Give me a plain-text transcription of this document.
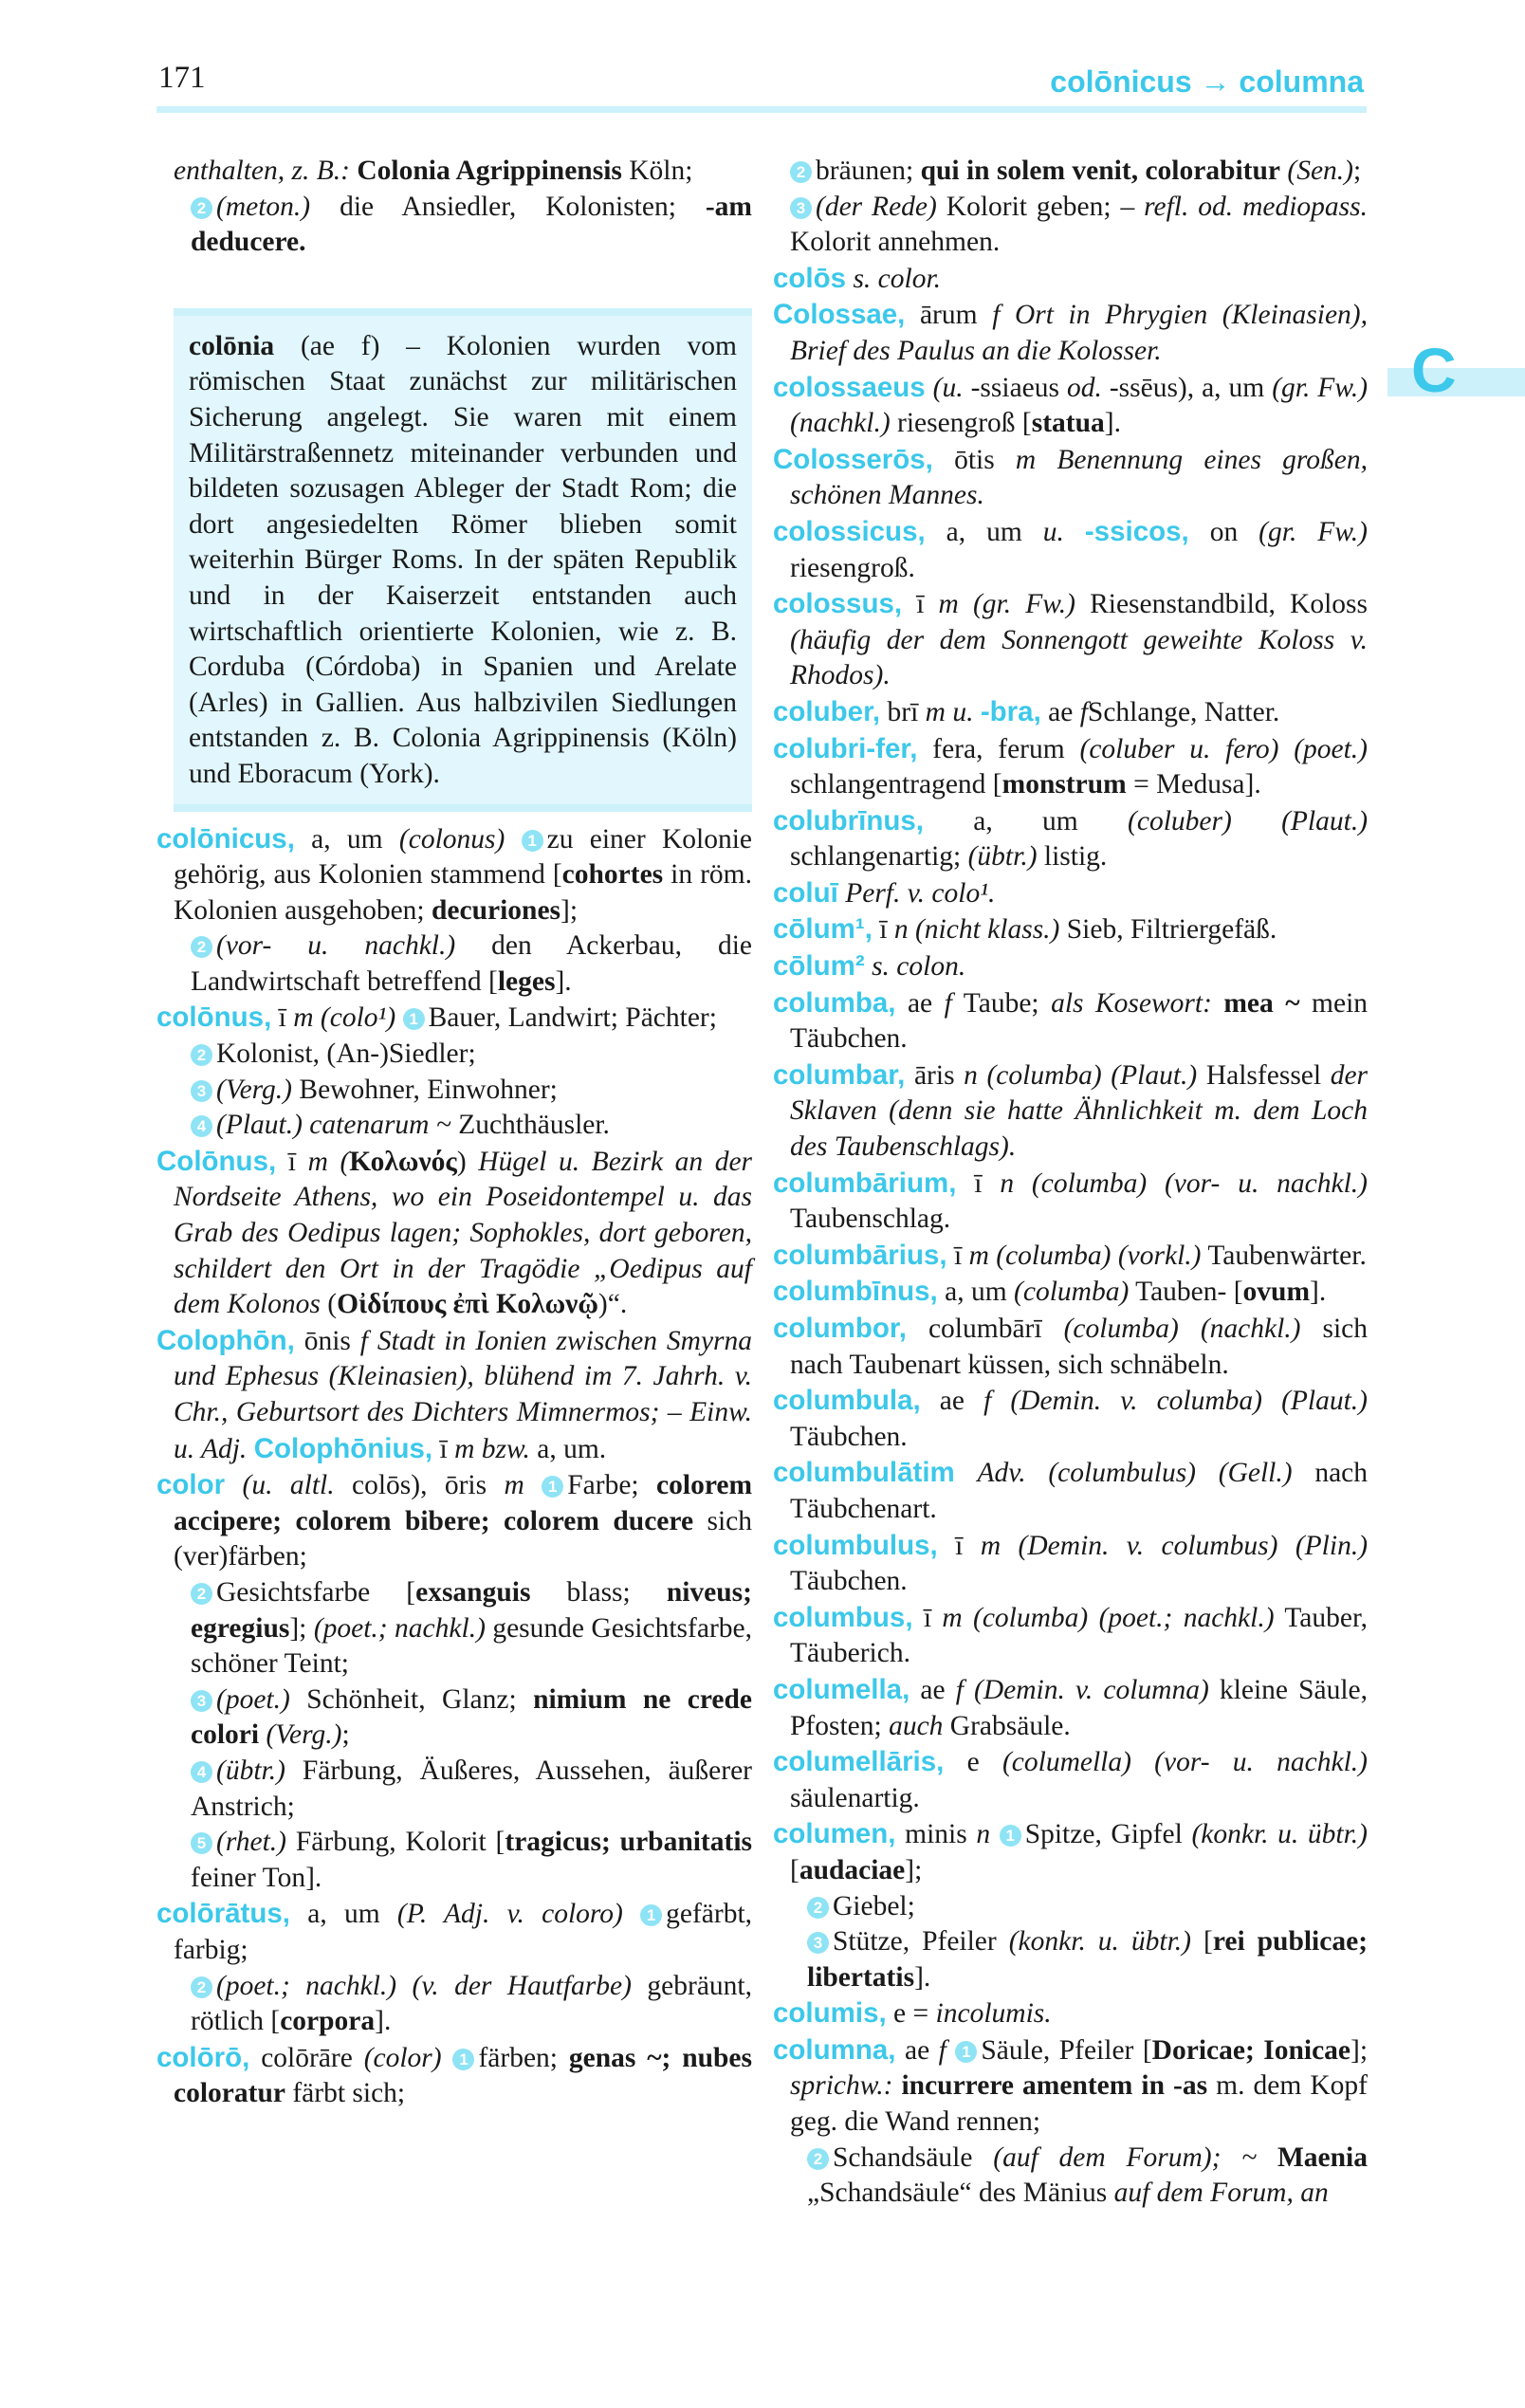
171	colōnicus → columna
C
enthalten, z. B.: Colonia Agrippinensis Köln;
2 (meton.) die Ansiedler, Kolonisten; -am deducere.
colōnia (ae f) – Kolonien wurden vom römischen Staat zunächst zur militärischen Sicherung angelegt. Sie waren mit einem Militärstraßennetz miteinander verbunden und bildeten sozusagen Ableger der Stadt Rom; die dort angesiedelten Römer blieben somit weiterhin Bürger Roms. In der späten Republik und in der Kaiserzeit entstanden auch wirtschaftlich orientierte Kolonien, wie z. B. Corduba (Córdoba) in Spanien und Arelate (Arles) in Gallien. Aus halbzivilen Siedlungen entstanden z. B. Colonia Agrippinensis (Köln) und Eboracum (York).
colōnicus, a, um (colonus) 1 zu einer Kolonie gehörig, aus Kolonien stammend [cohortes in röm. Kolonien ausgehoben; decuriones];
2 (vor- u. nachkl.) den Ackerbau, die Landwirtschaft betreffend [leges].
colōnus, ī m (colo¹) 1 Bauer, Landwirt; Pächter;
2 Kolonist, (An-)Siedler;
3 (Verg.) Bewohner, Einwohner;
4 (Plaut.) catenarum ~ Zuchthäusler.
Colōnus, ī m (Κολωνός) Hügel u. Bezirk an der Nordseite Athens, wo ein Poseidontempel u. das Grab des Oedipus lagen; Sophokles, dort geboren, schildert den Ort in der Tragödie „Oedipus auf dem Kolonos (Οἰδίπους ἐπὶ Κολωνῷ)“.
Colophōn, ōnis f Stadt in Ionien zwischen Smyrna und Ephesus (Kleinasien), blühend im 7. Jahrh. v. Chr., Geburtsort des Dichters Mimnermos; – Einw. u. Adj. Colophōnius, ī m bzw. a, um.
color (u. altl. colōs), ōris m 1 Farbe; colorem accipere; colorem bibere; colorem ducere sich (ver)färben;
2 Gesichtsfarbe [exsanguis blass; niveus; egregius]; (poet.; nachkl.) gesunde Gesichtsfarbe, schöner Teint;
3 (poet.) Schönheit, Glanz; nimium ne crede colori (Verg.);
4 (übtr.) Färbung, Äußeres, Aussehen, äußerer Anstrich;
5 (rhet.) Färbung, Kolorit [tragicus; urbanitatis feiner Ton].
colōrātus, a, um (P. Adj. v. coloro) 1 gefärbt, farbig;
2 (poet.; nachkl.) (v. der Hautfarbe) gebräunt, rötlich [corpora].
colōrō, colōrāre (color) 1 färben; genas ~; nubes coloratur färbt sich;
2 bräunen; qui in solem venit, colorabitur (Sen.);
3 (der Rede) Kolorit geben; – refl. od. mediopass. Kolorit annehmen.
colōs s. color.
Colossae, ārum f Ort in Phrygien (Kleinasien), Brief des Paulus an die Kolosser.
colossaeus (u. -ssiaeus od. -ssēus), a, um (gr. Fw.) (nachkl.) riesengroß [statua].
Colosserōs, ōtis m Benennung eines großen, schönen Mannes.
colossicus, a, um u. -ssicos, on (gr. Fw.) riesengroß.
colossus, ī m (gr. Fw.) Riesenstandbild, Koloss (häufig der dem Sonnengott geweihte Koloss v. Rhodos).
coluber, brī m u. -bra, ae fSchlange, Natter.
colubri-fer, fera, ferum (coluber u. fero) (poet.) schlangentragend [monstrum = Medusa].
colubrīnus, a, um (coluber) (Plaut.) schlangenartig; (übtr.) listig.
coluī Perf. v. colo¹.
cōlum¹, ī n (nicht klass.) Sieb, Filtriergefäß.
cōlum² s. colon.
columba, ae f Taube; als Kosewort: mea ~ mein Täubchen.
columbar, āris n (columba) (Plaut.) Halsfessel der Sklaven (denn sie hatte Ähnlichkeit m. dem Loch des Taubenschlags).
columbārium, ī n (columba) (vor- u. nachkl.) Taubenschlag.
columbārius, ī m (columba) (vorkl.) Taubenwärter.
columbīnus, a, um (columba) Tauben- [ovum].
columbor, columbārī (columba) (nachkl.) sich nach Taubenart küssen, sich schnäbeln.
columbula, ae f (Demin. v. columba) (Plaut.) Täubchen.
columbulātim Adv. (columbulus) (Gell.) nach Täubchenart.
columbulus, ī m (Demin. v. columbus) (Plin.) Täubchen.
columbus, ī m (columba) (poet.; nachkl.) Tauber, Täuberich.
columella, ae f (Demin. v. columna) kleine Säule, Pfosten; auch Grabsäule.
columellāris, e (columella) (vor- u. nachkl.) säulenartig.
columen, minis n 1 Spitze, Gipfel (konkr. u. übtr.) [audaciae];
2 Giebel;
3 Stütze, Pfeiler (konkr. u. übtr.) [rei publicae; libertatis].
columis, e = incolumis.
columna, ae f 1 Säule, Pfeiler [Doricae; Ionicae]; sprichw.: incurrere amentem in -as m. dem Kopf geg. die Wand rennen;
2 Schandsäule (auf dem Forum); ~ Maenia „Schandsäule“ des Mänius auf dem Forum, an
